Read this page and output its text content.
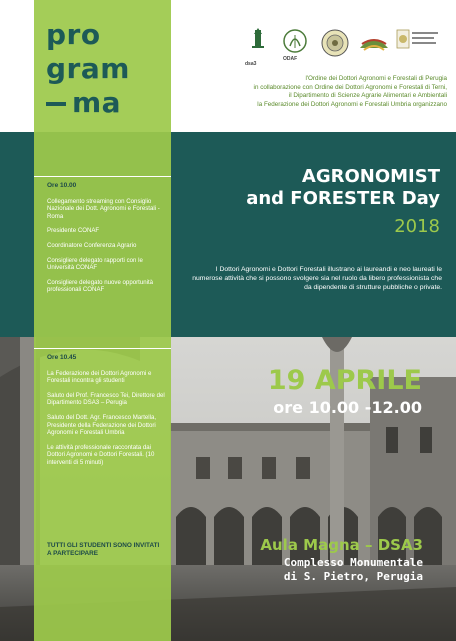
dsa3
ODAF
l'Ordine dei Dottori Agronomi e Forestali di Perugia
in collaborazione con Ordine dei Dottori Agronomi e Forestali di Terni,
il Dipartimento di Scienze Agrarie Alimentari e Ambientali
la Federazione dei Dottori Agronomi e Forestali Umbria organizzano
pro
gram
ma

Ore 10.00

Collegamento streaming con Consiglio Nazionale dei Dott. Agronomi e Forestali - Roma

Presidente CONAF

Coordinatore Conferenza Agrario

Consigliere delegato rapporti con le Università CONAF

Consigliere delegato nuove opportunità professionali CONAF

Ore 10.45

La Federazione dei Dottori Agronomi e Forestali incontra gli studenti

Saluto del Prof. Francesco Tei, Direttore del Dipartimento DSA3 – Perugia

Saluto del Dott. Agr. Francesco Martella, Presidente della Federazione dei Dottori Agronomi e Forestali Umbria

Le attività professionale raccontata dai Dottori Agronomi e Dottori Forestali. (10 interventi di 5 minuti)

TUTTI GLI STUDENTI SONO INVITATI A PARTECIPARE
AGRONOMIST
and FORESTER Day
2018
I Dottori Agronomi e Dottori Forestali illustrano ai laureandi e neo laureati le numerose attività che si possono svolgere sia nel ruolo da libero professionista che da dipendente di strutture pubbliche o private.
19 APRILE
ore 10.00 -12.00
Aula Magna – DSA3
Complesso Monumentale
di S. Pietro, Perugia
